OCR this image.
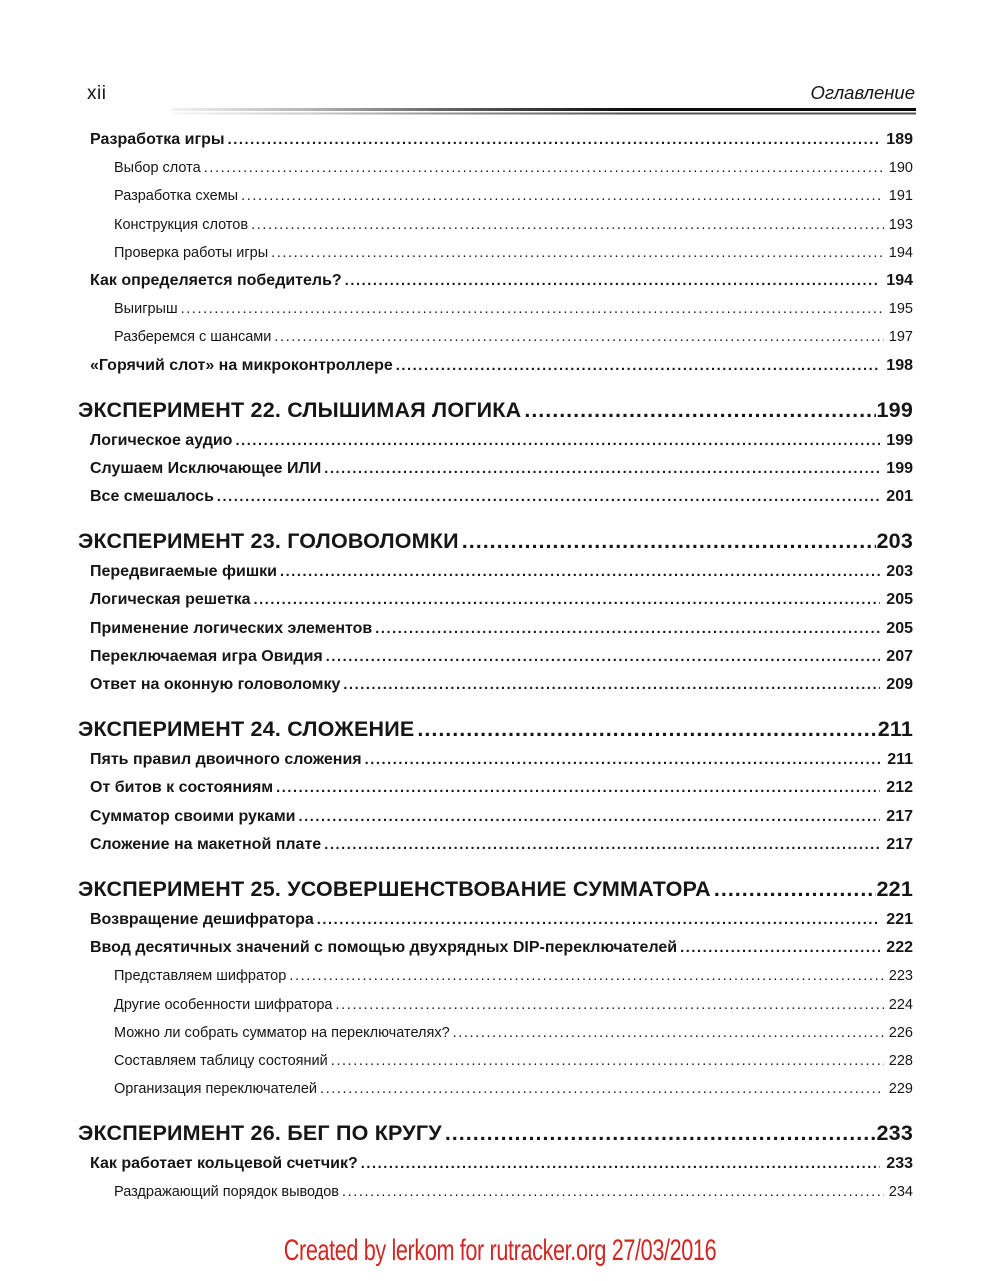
xii	Оглавление
Разработка игры .....	189
Выбор слота .....	190
Разработка схемы .....	191
Конструкция слотов .....	193
Проверка работы игры .....	194
Как определяется победитель? .....	194
Выигрыш .....	195
Разберемся с шансами .....	197
«Горячий слот» на микроконтроллере .....	198
ЭКСПЕРИМЕНТ 22. СЛЫШИМАЯ ЛОГИКА .....	199
Логическое аудио .....	199
Слушаем Исключающее ИЛИ .....	199
Все смешалось .....	201
ЭКСПЕРИМЕНТ 23. ГОЛОВОЛОМКИ .....	203
Передвигаемые фишки .....	203
Логическая решетка .....	205
Применение логических элементов .....	205
Переключаемая игра Овидия .....	207
Ответ на оконную головоломку .....	209
ЭКСПЕРИМЕНТ 24. СЛОЖЕНИЕ .....	211
Пять правил двоичного сложения .....	211
От битов к состояниям .....	212
Сумматор своими руками .....	217
Сложение на макетной плате .....	217
ЭКСПЕРИМЕНТ 25. УСОВЕРШЕНСТВОВАНИЕ СУММАТОРА .....	221
Возвращение дешифратора .....	221
Ввод десятичных значений с помощью двухрядных DIP-переключателей .....	222
Представляем шифратор .....	223
Другие особенности шифратора .....	224
Можно ли собрать сумматор на переключателях? .....	226
Составляем таблицу состояний .....	228
Организация переключателей .....	229
ЭКСПЕРИМЕНТ 26. БЕГ ПО КРУГУ .....	233
Как работает кольцевой счетчик? .....	233
Раздражающий порядок выводов .....	234
Created by lerkom for rutracker.org 27/03/2016
